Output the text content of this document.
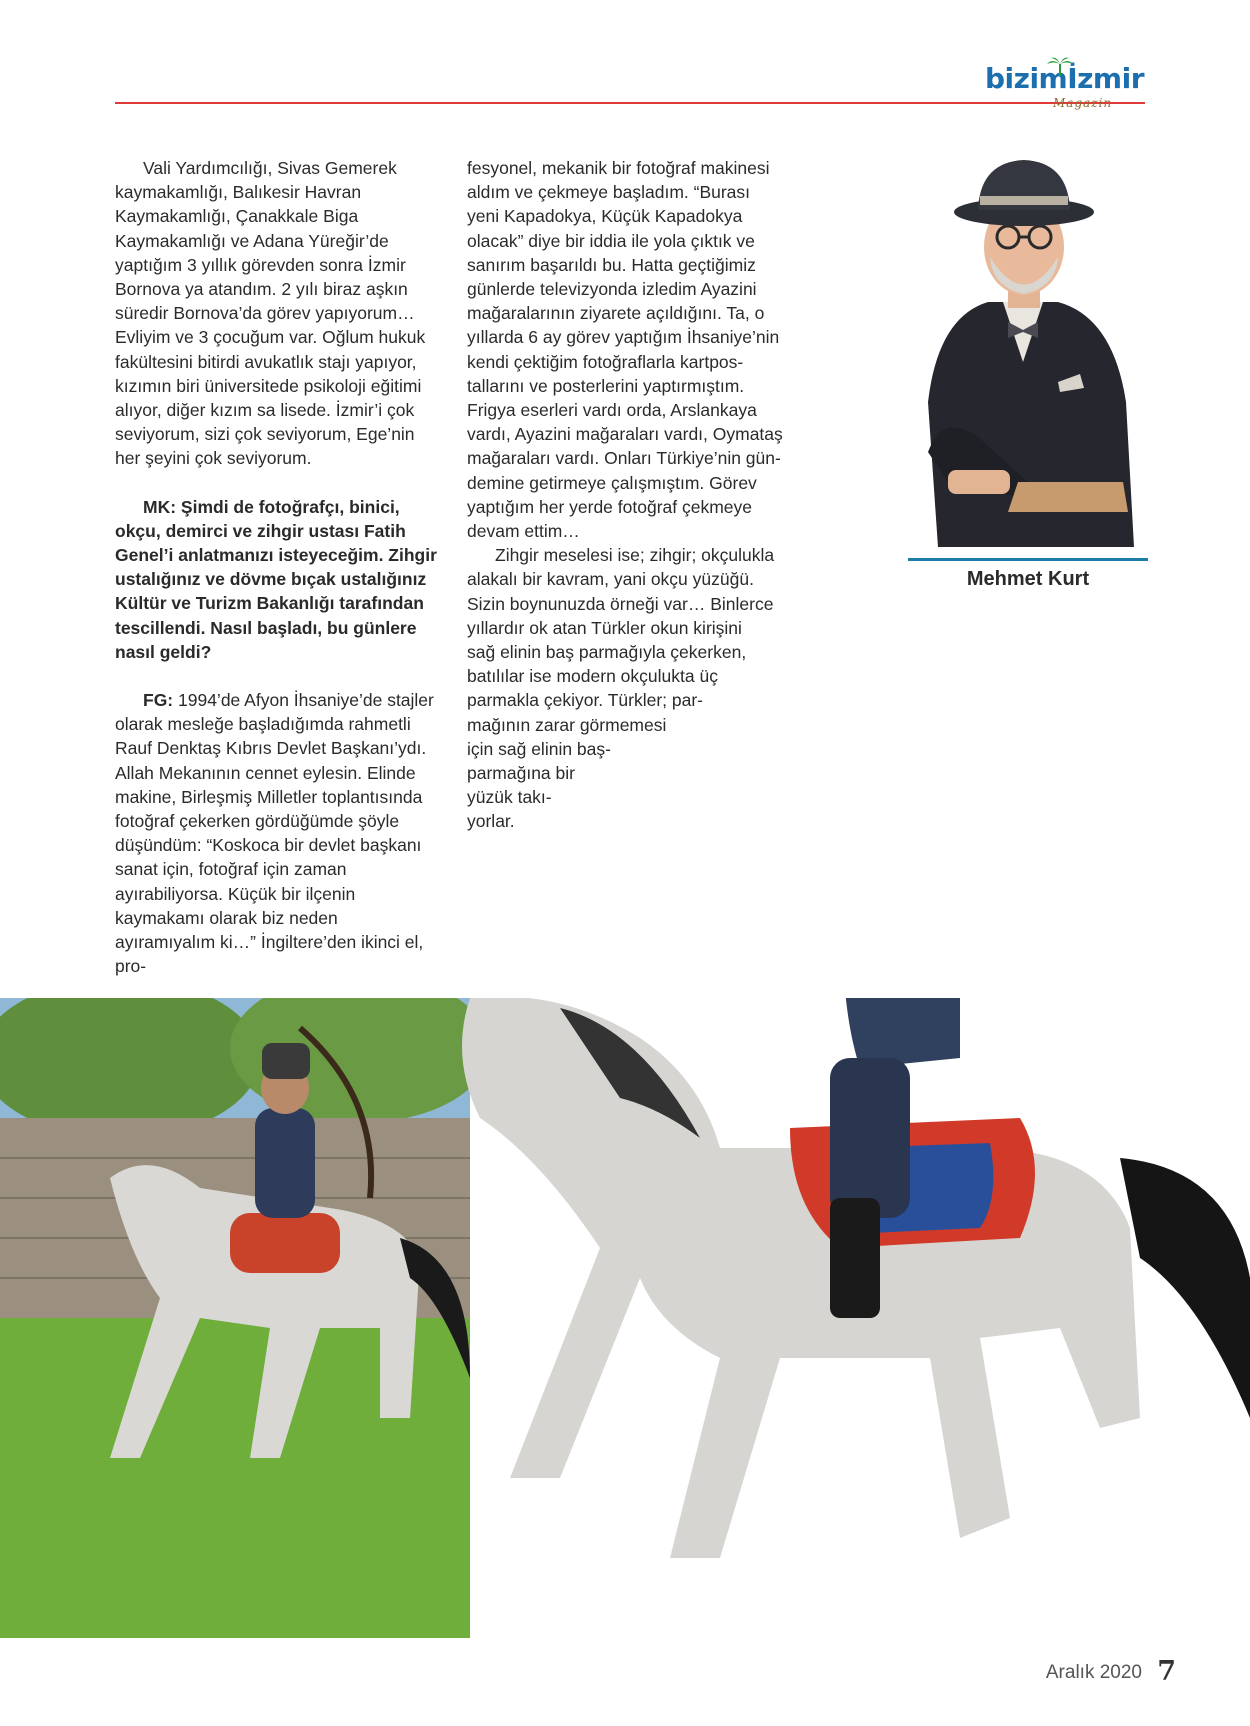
bizimİzmir
Magazin

Vali Yardımcılığı, Sivas Gemerek kaymakamlığı, Balıkesir Havran Kaymakamlığı, Çanakkale Biga Kaymakamlığı ve Adana Yüreğir’de yaptığım 3 yıllık görevden sonra İzmir Bornova ya atandım. 2 yılı biraz aşkın süredir Bornova’da görev yapıyorum… Evliyim ve 3 çocuğum var. Oğlum hukuk fakültesini bitirdi avukatlık stajı yapıyor, kızımın biri üniversitede psikoloji eğitimi alıyor, diğer kızım sa lisede. İzmir’i çok seviyorum, sizi çok seviyorum, Ege’nin her şeyini çok seviyorum.

MK: Şimdi de fotoğrafçı, binici, okçu, demirci ve zihgir ustası Fatih Genel’i anlatmanızı isteyeceğim. Zihgir ustalığınız ve dövme bıçak ustalığınız Kültür ve Turizm Bakanlığı tarafından tescillendi. Nasıl başladı, bu günlere nasıl geldi?

FG: 1994’de Afyon İhsaniye’de stajler olarak mesleğe başladığımda rahmetli Rauf Denktaş Kıbrıs Devlet Başkanı’ydı. Allah Mekanının cennet eylesin. Elinde makine, Birleşmiş Milletler toplantısında fotoğraf çekerken gördüğümde şöyle düşündüm: “Koskoca bir devlet başkanı sanat için, fotoğraf için zaman ayırabiliyorsa. Küçük bir ilçenin kaymakamı olarak biz neden ayıramıyalım ki…” İngiltere’den ikinci el, pro-

fesyonel, mekanik bir fotoğraf makinesi
aldım ve çekmeye başladım. “Burası
yeni Kapadokya, Küçük Kapadokya
olacak” diye bir iddia ile yola çıktık ve
sanırım başarıldı bu. Hatta geçtiğimiz
günlerde televizyonda izledim Ayazini
mağaralarının ziyarete açıldığını. Ta, o
yıllarda 6 ay görev yaptığım İhsaniye’nin
kendi çektiğim fotoğraflarla kartpos-
tallarını ve posterlerini yaptırmıştım.
Frigya eserleri vardı orda, Arslankaya
vardı, Ayazini mağaraları vardı, Oymataş
mağaraları vardı. Onları Türkiye’nin gün-
demine getirmeye çalışmıştım. Görev
yaptığım her yerde fotoğraf çekmeye
devam ettim…
Zihgir meselesi ise; zihgir; okçulukla
alakalı bir kavram, yani okçu yüzüğü.
Sizin boynunuzda örneği var… Binlerce
yıllardır ok atan Türkler okun kirişini
sağ elinin baş parmağıyla çekerken,
batılılar ise modern okçulukta üç
parmakla çekiyor. Türkler; par-
mağının zarar görmemesi
için sağ elinin baş-
parmağına bir
yüzük takı-
yorlar.
Mehmet Kurt
Aralık 2020 7
